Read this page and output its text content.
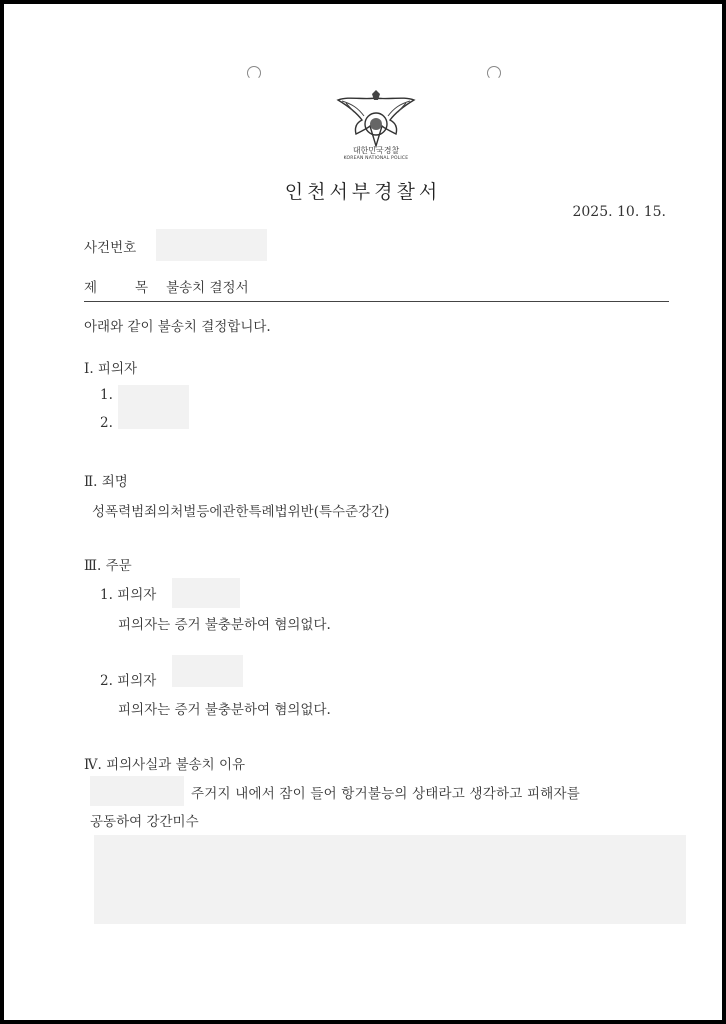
대한민국경찰
KOREAN NATIONAL POLICE
인천서부경찰서
2025. 10. 15.
사건번호
제	목 불송치 결정서
아래와 같이 불송치 결정합니다.
Ⅰ. 피의자
1.
2.
Ⅱ. 죄명
성폭력범죄의처벌등에관한특례법위반(특수준강간)
Ⅲ. 주문
1. 피의자
피의자는 증거 불충분하여 혐의없다.
2. 피의자
피의자는 증거 불충분하여 혐의없다.
Ⅳ. 피의사실과 불송치 이유
주거지 내에서 잠이 들어 항거불능의 상태라고 생각하고 피해자를
공동하여 강간미수
